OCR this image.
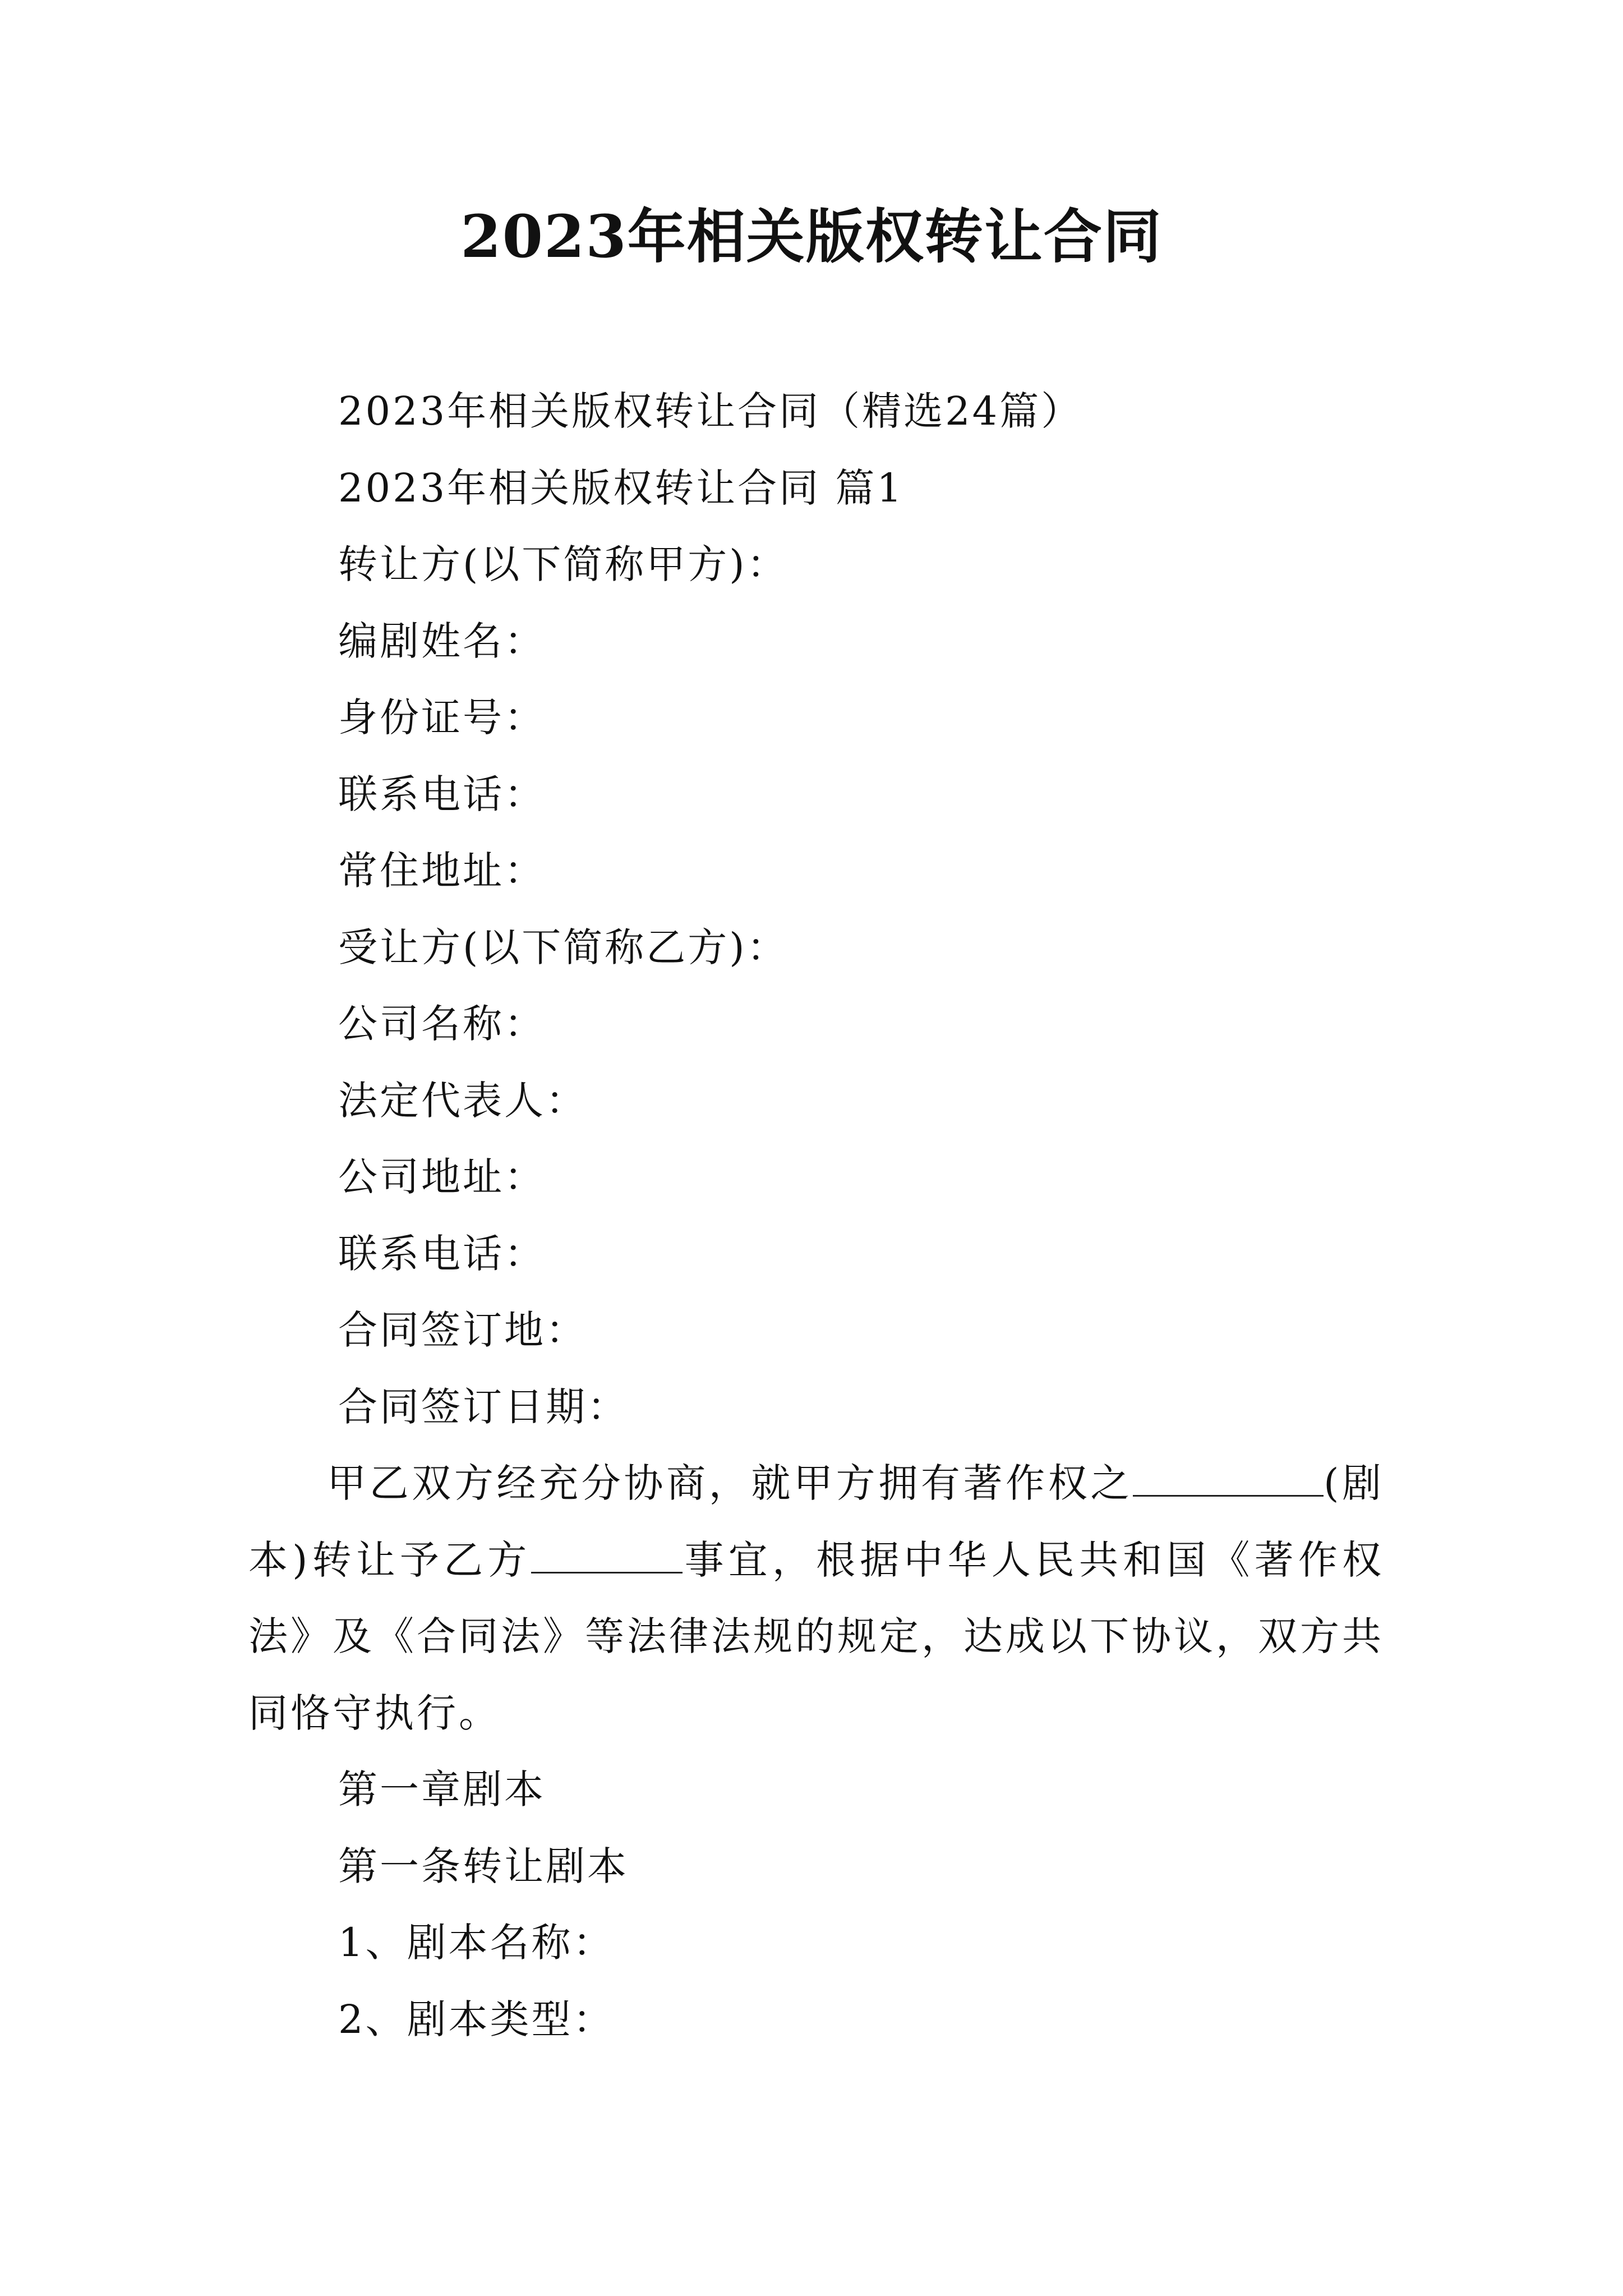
2023年相关版权转让合同
2023年相关版权转让合同（精选24篇）
2023年相关版权转让合同 篇1
转让方(以下简称甲方)：
编剧姓名：
身份证号：
联系电话：
常住地址：
受让方(以下简称乙方)：
公司名称：
法定代表人：
公司地址：
联系电话：
合同签订地：
合同签订日期：
甲乙双方经充分协商，就甲方拥有著作权之	(剧本)转让予乙方	事宜，根据中华人民共和国《著作权法》及《合同法》等法律法规的规定，达成以下协议，双方共同恪守执行。
第一章剧本
第一条转让剧本
1、剧本名称：
2、剧本类型：
